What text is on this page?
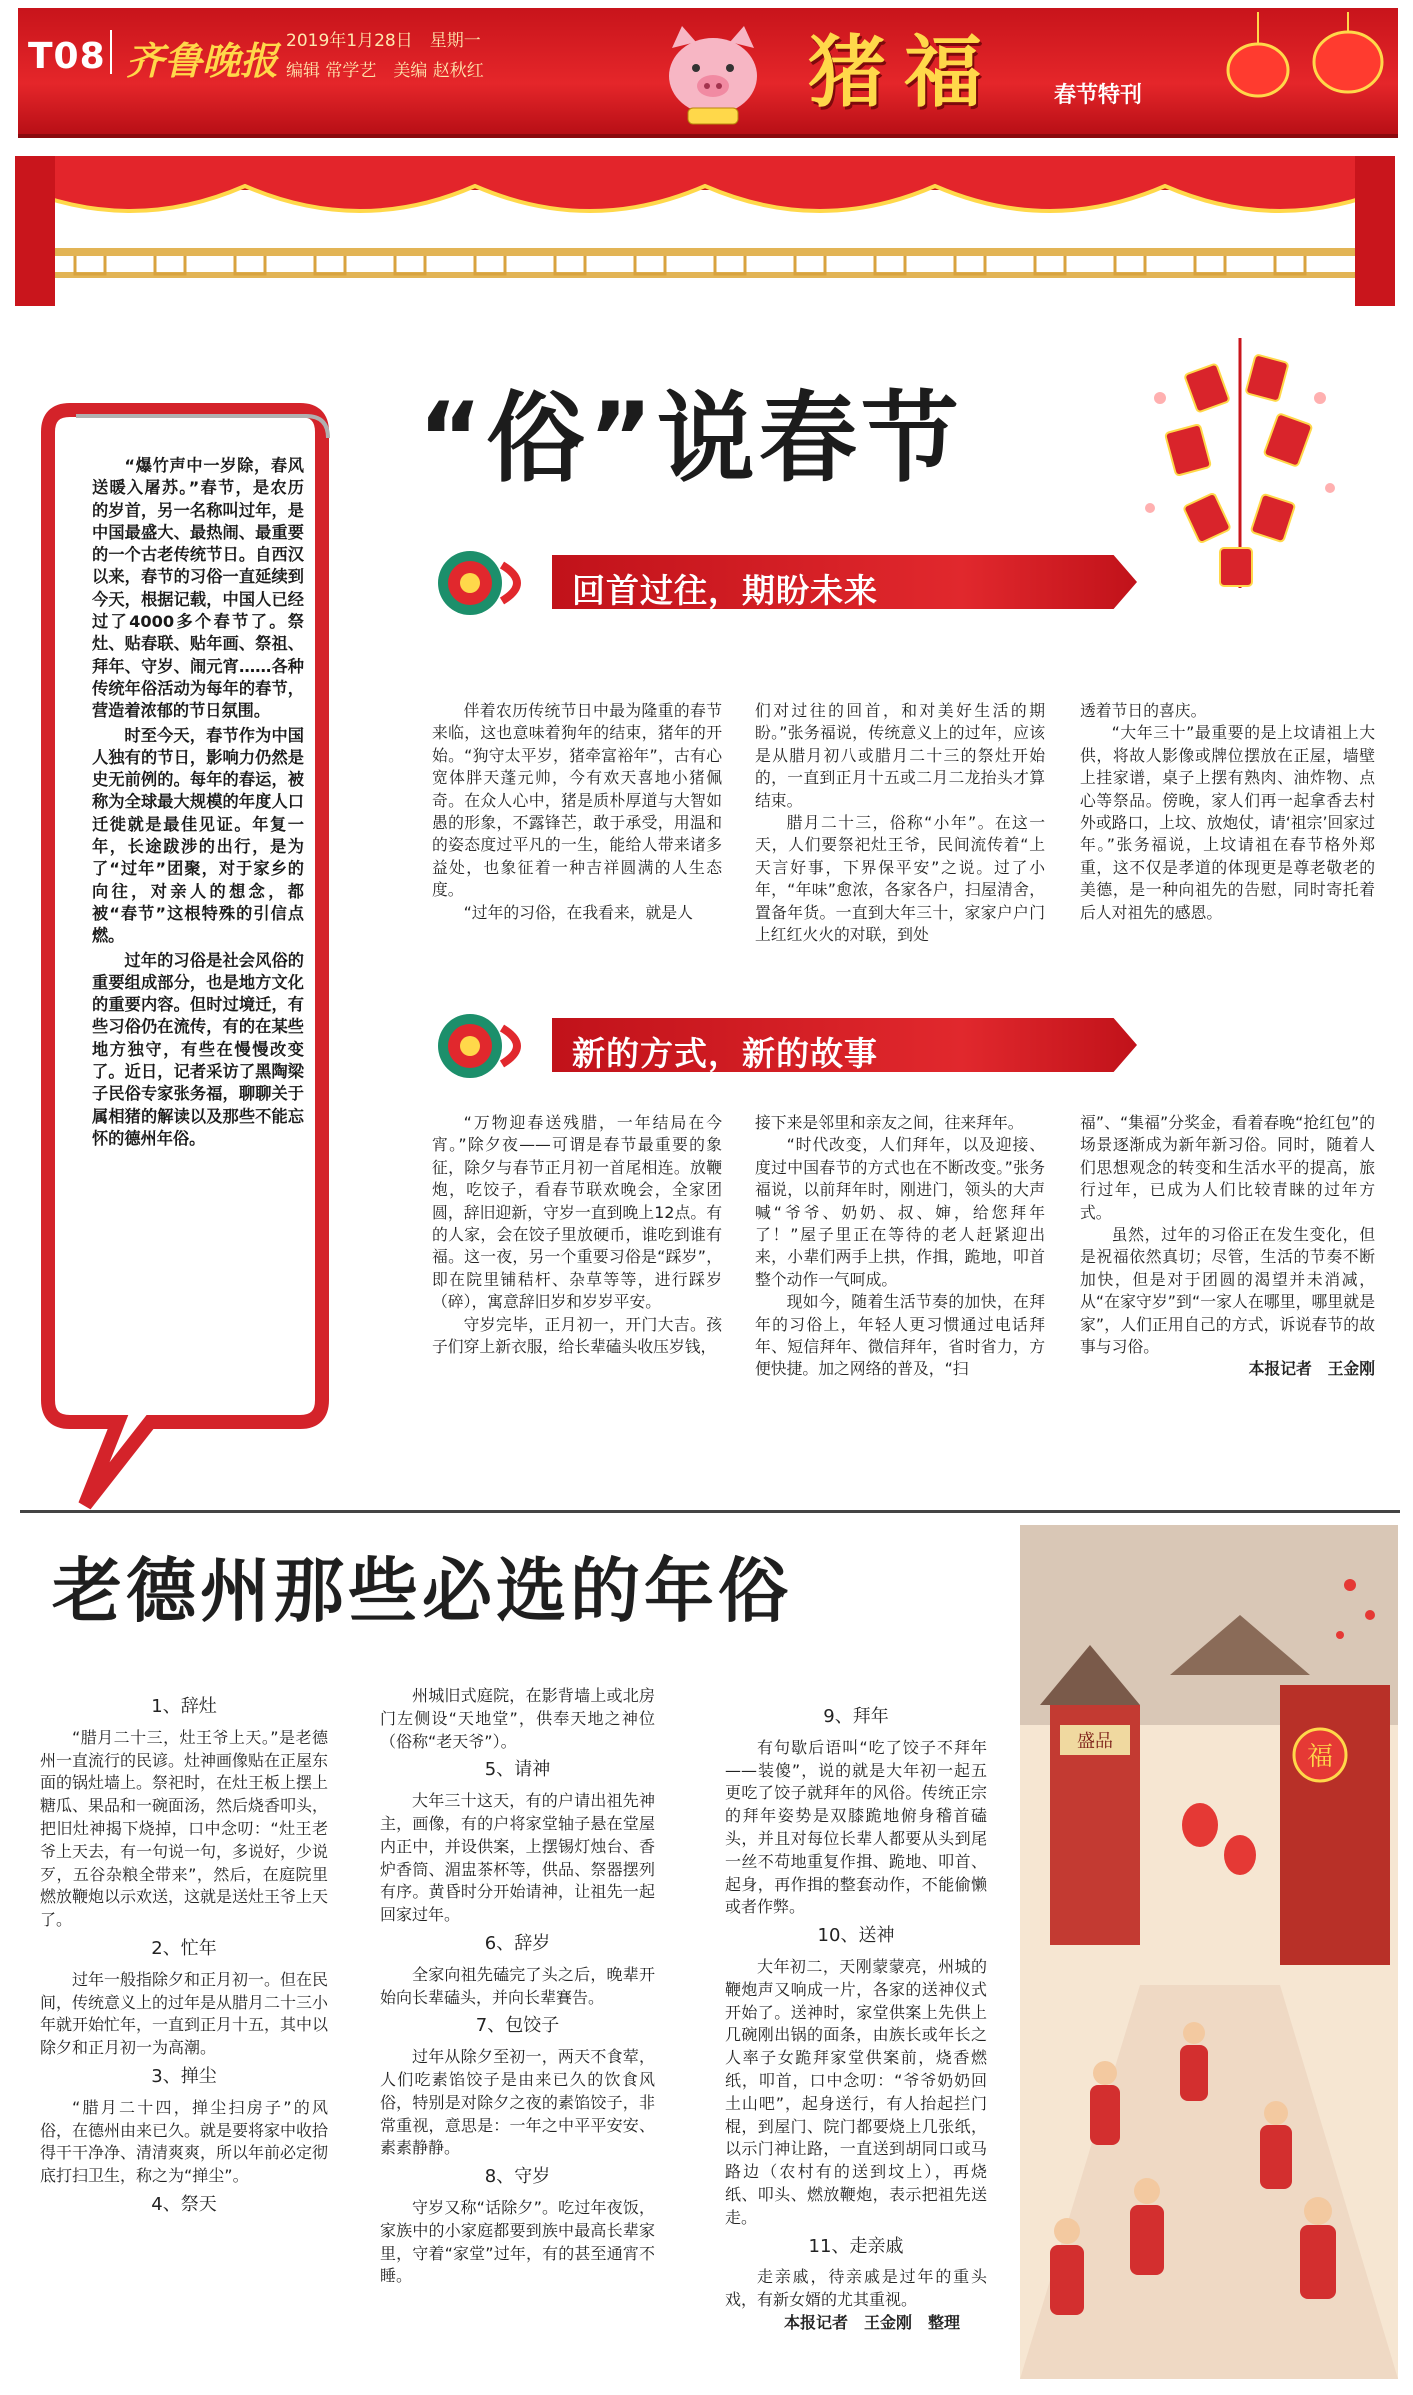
T08 齐鲁晚报 2019年1月28日　星期一
编辑 常学艺　美编 赵秋红	猪福 春节特刊
“俗”说春节

“爆竹声中一岁除，春风送暖入屠苏。”春节，是农历的岁首，另一名称叫过年，是中国最盛大、最热闹、最重要的一个古老传统节日。自西汉以来，春节的习俗一直延续到今天，根据记载，中国人已经过了4000多个春节了。祭灶、贴春联、贴年画、祭祖、拜年、守岁、闹元宵……各种传统年俗活动为每年的春节，营造着浓郁的节日氛围。

时至今天，春节作为中国人独有的节日，影响力仍然是史无前例的。每年的春运，被称为全球最大规模的年度人口迁徙就是最佳见证。年复一年，长途跋涉的出行，是为了“过年”团聚，对于家乡的向往，对亲人的想念，都被“春节”这根特殊的引信点燃。

过年的习俗是社会风俗的重要组成部分，也是地方文化的重要内容。但时过境迁，有些习俗仍在流传，有的在某些地方独守，有些在慢慢改变了。近日，记者采访了黑陶梁子民俗专家张务福，聊聊关于属相猪的解读以及那些不能忘怀的德州年俗。

回首过往，期盼未来

伴着农历传统节日中最为隆重的春节来临，这也意味着狗年的结束，猪年的开始。“狗守太平岁，猪牵富裕年”，古有心宽体胖天蓬元帅，今有欢天喜地小猪佩奇。在众人心中，猪是质朴厚道与大智如愚的形象，不露锋芒，敢于承受，用温和的姿态度过平凡的一生，能给人带来诸多益处，也象征着一种吉祥圆满的人生态度。

“过年的习俗，在我看来，就是人

们对过往的回首，和对美好生活的期盼。”张务福说，传统意义上的过年，应该是从腊月初八或腊月二十三的祭灶开始的，一直到正月十五或二月二龙抬头才算结束。

腊月二十三，俗称“小年”。在这一天，人们要祭祀灶王爷，民间流传着“上天言好事，下界保平安”之说。过了小年，“年味”愈浓，各家各户，扫屋清舍，置备年货。一直到大年三十，家家户户门上红红火火的对联，到处

透着节日的喜庆。

“大年三十”最重要的是上坟请祖上大供，将故人影像或牌位摆放在正屋，墙壁上挂家谱，桌子上摆有熟肉、油炸物、点心等祭品。傍晚，家人们再一起拿香去村外或路口，上坟、放炮仗，请‘祖宗’回家过年。”张务福说，上坟请祖在春节格外郑重，这不仅是孝道的体现更是尊老敬老的美德，是一种向祖先的告慰，同时寄托着后人对祖先的感恩。

新的方式，新的故事

“万物迎春送残腊，一年结局在今宵。”除夕夜——可谓是春节最重要的象征，除夕与春节正月初一首尾相连。放鞭炮，吃饺子，看春节联欢晚会，全家团圆，辞旧迎新，守岁一直到晚上12点。有的人家，会在饺子里放硬币，谁吃到谁有福。这一夜，另一个重要习俗是“踩岁”，即在院里铺秸杆、杂草等等，进行踩岁（碎），寓意辞旧岁和岁岁平安。

守岁完毕，正月初一，开门大吉。孩子们穿上新衣服，给长辈磕头收压岁钱，

接下来是邻里和亲友之间，往来拜年。

“时代改变，人们拜年，以及迎接、度过中国春节的方式也在不断改变。”张务福说，以前拜年时，刚进门，领头的大声喊“爷爷、奶奶、叔、婶，给您拜年了！”屋子里正在等待的老人赶紧迎出来，小辈们两手上拱，作揖，跪地，叩首整个动作一气呵成。

现如今，随着生活节奏的加快，在拜年的习俗上，年轻人更习惯通过电话拜年、短信拜年、微信拜年，省时省力，方便快捷。加之网络的普及，“扫

福”、“集福”分奖金，看着春晚“抢红包”的场景逐渐成为新年新习俗。同时，随着人们思想观念的转变和生活水平的提高，旅行过年，已成为人们比较青睐的过年方式。

虽然，过年的习俗正在发生变化，但是祝福依然真切；尽管，生活的节奏不断加快，但是对于团圆的渴望并未消减，从“在家守岁”到“一家人在哪里，哪里就是家”，人们正用自己的方式，诉说春节的故事与习俗。

本报记者　王金刚

老德州那些必选的年俗
1、辞灶

“腊月二十三，灶王爷上天。”是老德州一直流行的民谚。灶神画像贴在正屋东面的锅灶墙上。祭祀时，在灶王板上摆上糖瓜、果品和一碗面汤，然后烧香叩头，把旧灶神揭下烧掉，口中念叨：“灶王老爷上天去，有一句说一句，多说好，少说歹，五谷杂粮全带来”，然后，在庭院里燃放鞭炮以示欢送，这就是送灶王爷上天了。

2、忙年

过年一般指除夕和正月初一。但在民间，传统意义上的过年是从腊月二十三小年就开始忙年，一直到正月十五，其中以除夕和正月初一为高潮。

3、掸尘

“腊月二十四，掸尘扫房子”的风俗，在德州由来已久。就是要将家中收拾得干干净净、清清爽爽，所以年前必定彻底打扫卫生，称之为“掸尘”。

4、祭天

州城旧式庭院，在影背墙上或北房门左侧设“天地堂”，供奉天地之神位（俗称“老天爷”）。

5、请神

大年三十这天，有的户请出祖先神主，画像，有的户将家堂轴子悬在堂屋内正中，并设供案，上摆锡灯烛台、香炉香筒、湄盅茶杯等，供品、祭器摆列有序。黄昏时分开始请神，让祖先一起回家过年。

6、辞岁

全家向祖先磕完了头之后，晚辈开始向长辈磕头，并向长辈賽告。

7、包饺子

过年从除夕至初一，两天不食荤，人们吃素馅饺子是由来已久的饮食风俗，特别是对除夕之夜的素馅饺子，非常重视，意思是：一年之中平平安安、素素静静。

8、守岁

守岁又称“话除夕”。吃过年夜饭，家族中的小家庭都要到族中最高长辈家里，守着“家堂”过年，有的甚至通宵不睡。

9、拜年

有句歇后语叫“吃了饺子不拜年——装傻”，说的就是大年初一起五更吃了饺子就拜年的风俗。传统正宗的拜年姿势是双膝跪地俯身稽首磕头，并且对每位长辈人都要从头到尾一丝不苟地重复作揖、跪地、叩首、起身，再作揖的整套动作，不能偷懒或者作弊。

10、送神

大年初二，天刚蒙蒙亮，州城的鞭炮声又响成一片，各家的送神仪式开始了。送神时，家堂供案上先供上几碗刚出锅的面条，由族长或年长之人率子女跪拜家堂供案前，烧香燃纸，叩首，口中念叨：“爷爷奶奶回土山吧”，起身送行，有人抬起拦门棍，到屋门、院门都要烧上几张纸，以示门神让路，一直送到胡同口或马路边（农村有的送到坟上），再烧纸、叩头、燃放鞭炮，表示把祖先送走。

11、走亲戚

走亲戚，待亲戚是过年的重头戏，有新女婿的尤其重视。

本报记者　王金刚　整理

盛品
福
